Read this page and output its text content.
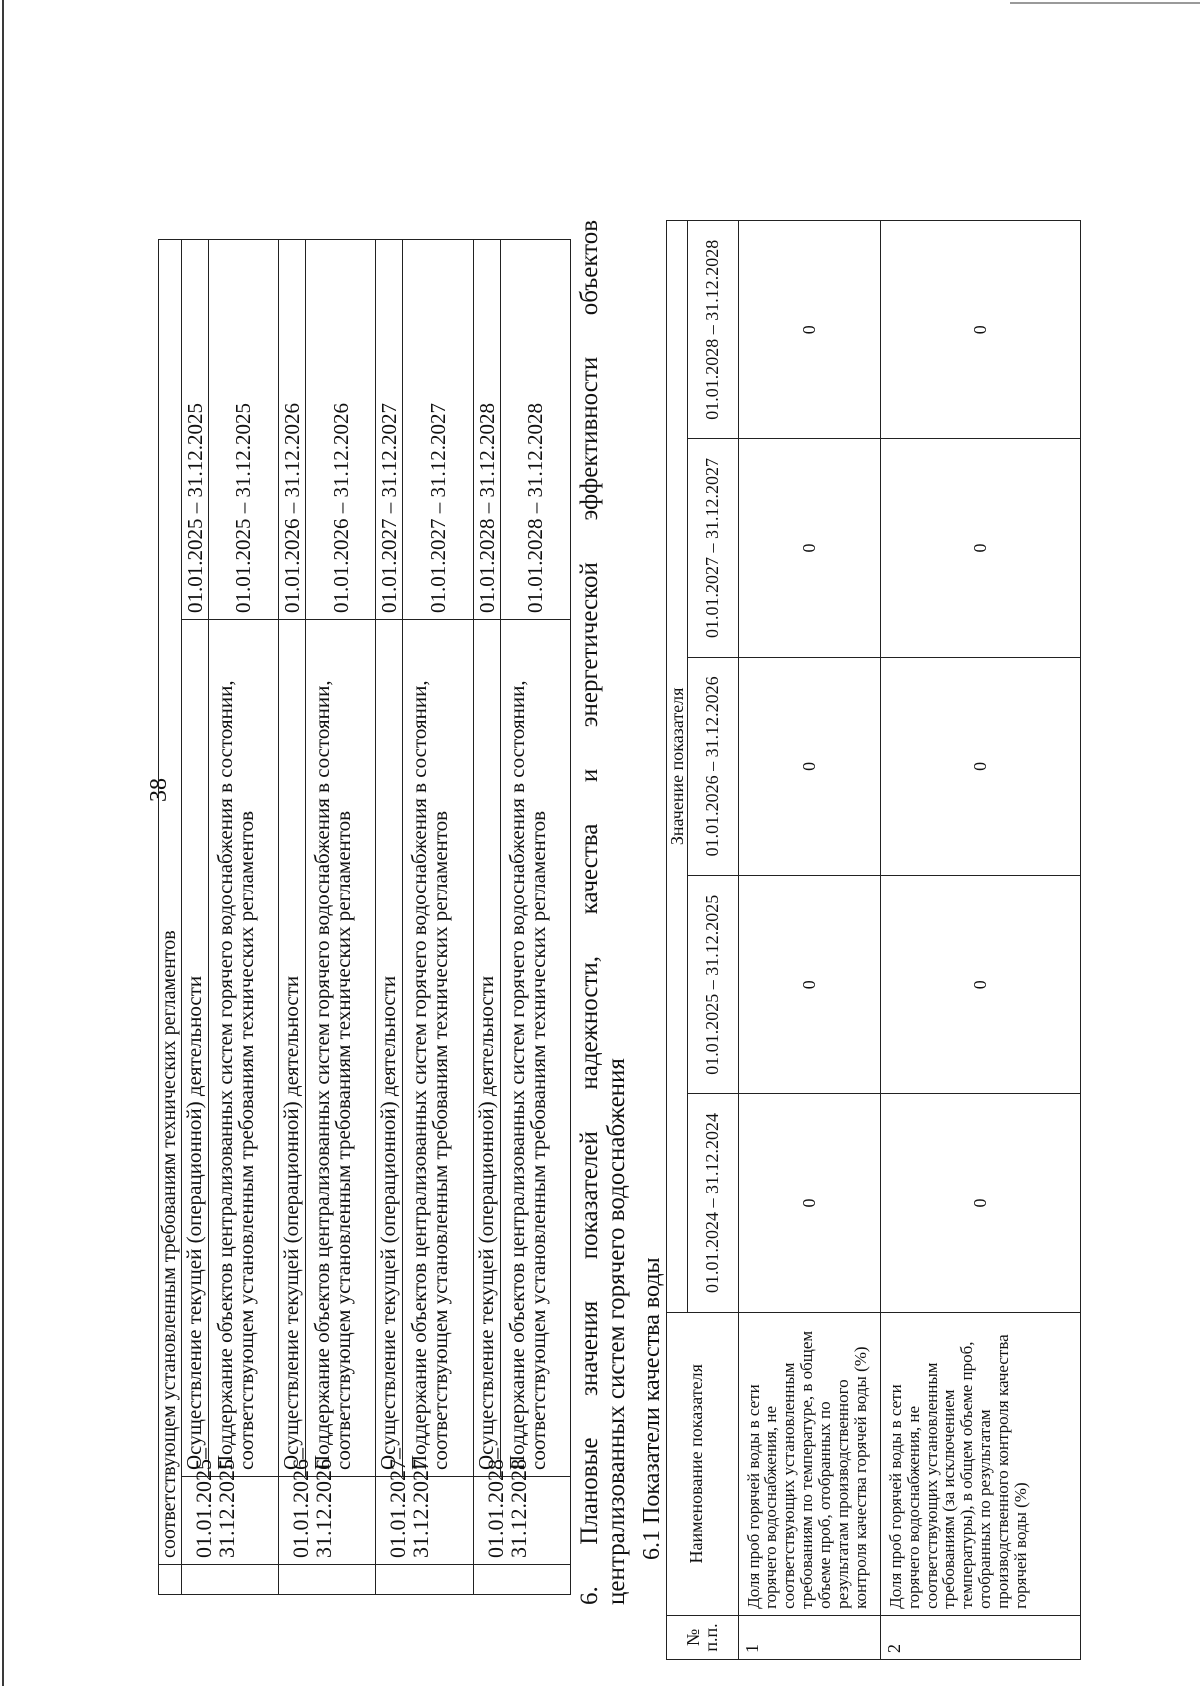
38
	соответствующем установленным требованиям технических регламентов		
	01.01.2025–31.12.2025	Осуществление текущей (операционной) деятельности	01.01.2025 – 31.12.2025
		Поддержание объектов централизованных систем горячего водоснабжения в состоянии, соответствующем установленным требованиям технических регламентов	01.01.2025 – 31.12.2025
	01.01.2026–31.12.2026	Осуществление текущей (операционной) деятельности	01.01.2026 – 31.12.2026
		Поддержание объектов централизованных систем горячего водоснабжения в состоянии, соответствующем установленным требованиям технических регламентов	01.01.2026 – 31.12.2026
	01.01.2027–31.12.2027	Осуществление текущей (операционной) деятельности	01.01.2027 – 31.12.2027
		Поддержание объектов централизованных систем горячего водоснабжения в состоянии, соответствующем установленным требованиям технических регламентов	01.01.2027 – 31.12.2027
	01.01.2028–31.12.2028	Осуществление текущей (операционной) деятельности	01.01.2028 – 31.12.2028
		Поддержание объектов централизованных систем горячего водоснабжения в состоянии, соответствующем установленным требованиям технических регламентов	01.01.2028 – 31.12.2028
6. Плановые значения показателей надежности, качества и энергетической эффективности объектов
централизованных систем горячего водоснабжения 6.1 Показатели качества воды
№ п.п.	Наименование показателя	Значение показателя				
		01.01.2024 – 31.12.2024	01.01.2025 – 31.12.2025	01.01.2026 – 31.12.2026	01.01.2027 – 31.12.2027	01.01.2028 – 31.12.2028
1	Доля проб горячей воды в сети горячего водоснабжения, не соответствующих установленным требованиям по температуре, в общем объеме проб, отобранных по результатам производственного контроля качества горячей воды (%)	0	0	0	0	0
2	Доля проб горячей воды в сети горячего водоснабжения, не соответствующих установленным требованиям (за исключением температуры), в общем объеме проб, отобранных по результатам производственного контроля качества горячей воды (%)	0	0	0	0	0
